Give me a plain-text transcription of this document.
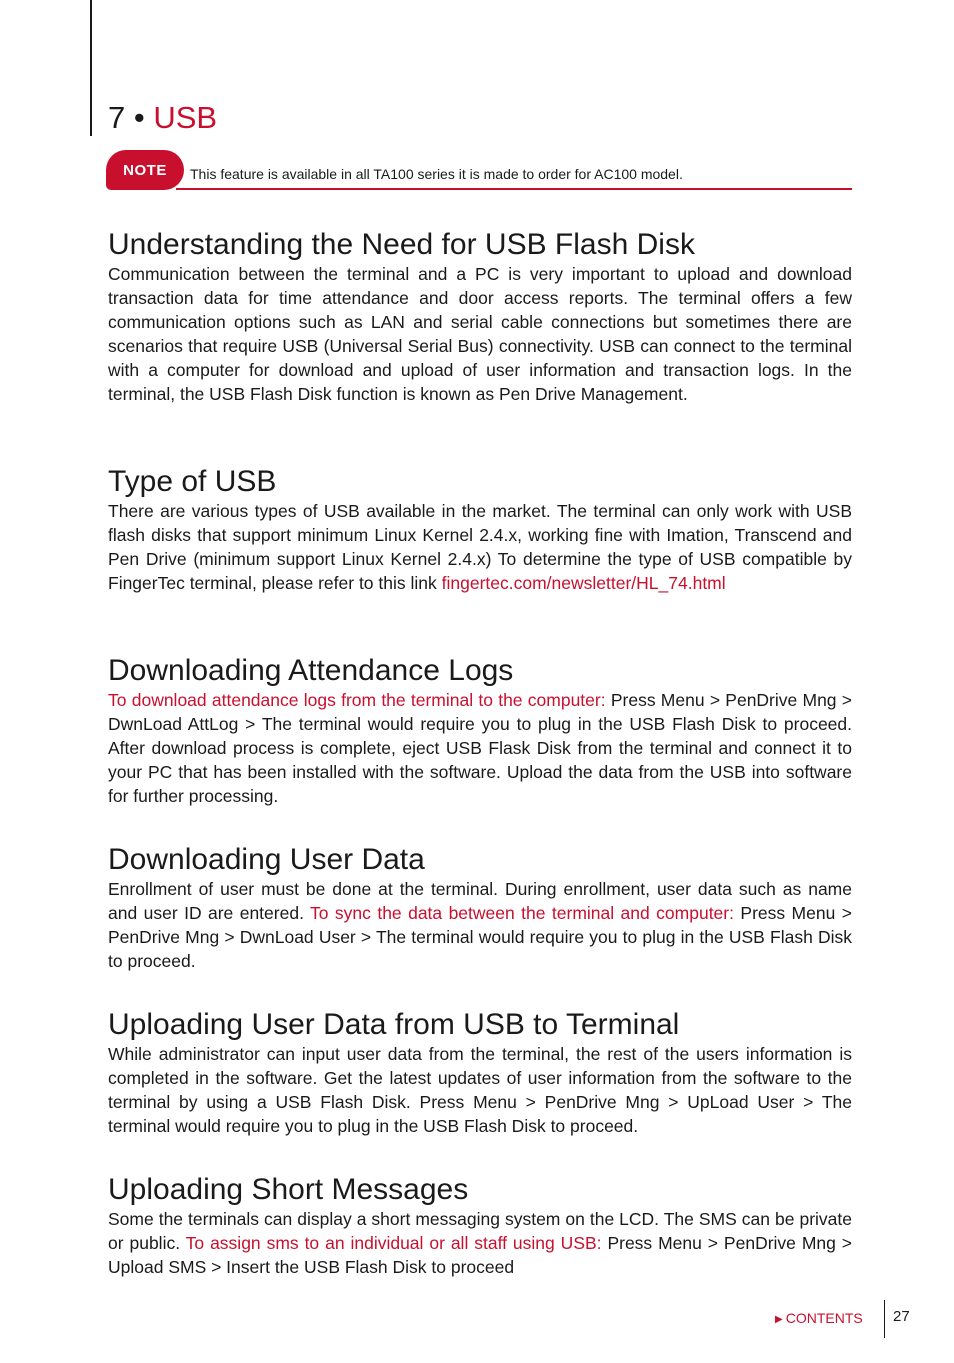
7 • USB
NOTE	This feature is available in all TA100 series it is made to order for AC100 model.
Understanding the Need for USB Flash Disk

Communication between the terminal and a PC is very important to upload and download transaction data for time attendance and door access reports. The terminal offers a few communication options such as LAN and serial cable connections but sometimes there are scenarios that require USB (Universal Serial Bus) connectivity. USB can connect to the terminal with a computer for download and upload of user information and transaction logs. In the terminal, the USB Flash Disk function is known as Pen Drive Management.

Type of USB

There are various types of USB available in the market. The terminal can only work with USB flash disks that support minimum Linux Kernel 2.4.x, working fine with Imation, Transcend and Pen Drive (minimum support Linux Kernel 2.4.x) To determine the type of USB compatible by FingerTec terminal, please refer to this link fingertec.com/newsletter/HL_74.html

Downloading Attendance Logs

To download attendance logs from the terminal to the computer: Press Menu > PenDrive Mng > DwnLoad AttLog > The terminal would require you to plug in the USB Flash Disk to proceed. After download process is complete, eject USB Flask Disk from the terminal and connect it to your PC that has been installed with the software. Upload the data from the USB into software for further processing.

Downloading User Data

Enrollment of user must be done at the terminal. During enrollment, user data such as name and user ID are entered. To sync the data between the terminal and computer: Press Menu > PenDrive Mng > DwnLoad User > The terminal would require you to plug in the USB Flash Disk to proceed.

Uploading User Data from USB to Terminal

While administrator can input user data from the terminal, the rest of the users information is completed in the software. Get the latest updates of user information from the software to the terminal by using a USB Flash Disk. Press Menu > PenDrive Mng > UpLoad User > The terminal would require you to plug in the USB Flash Disk to proceed.

Uploading Short Messages

Some the terminals can display a short messaging system on the LCD. The SMS can be private or public. To assign sms to an individual or all staff using USB: Press Menu > PenDrive Mng > Upload SMS > Insert the USB Flash Disk to proceed

▶ CONTENTS 27
